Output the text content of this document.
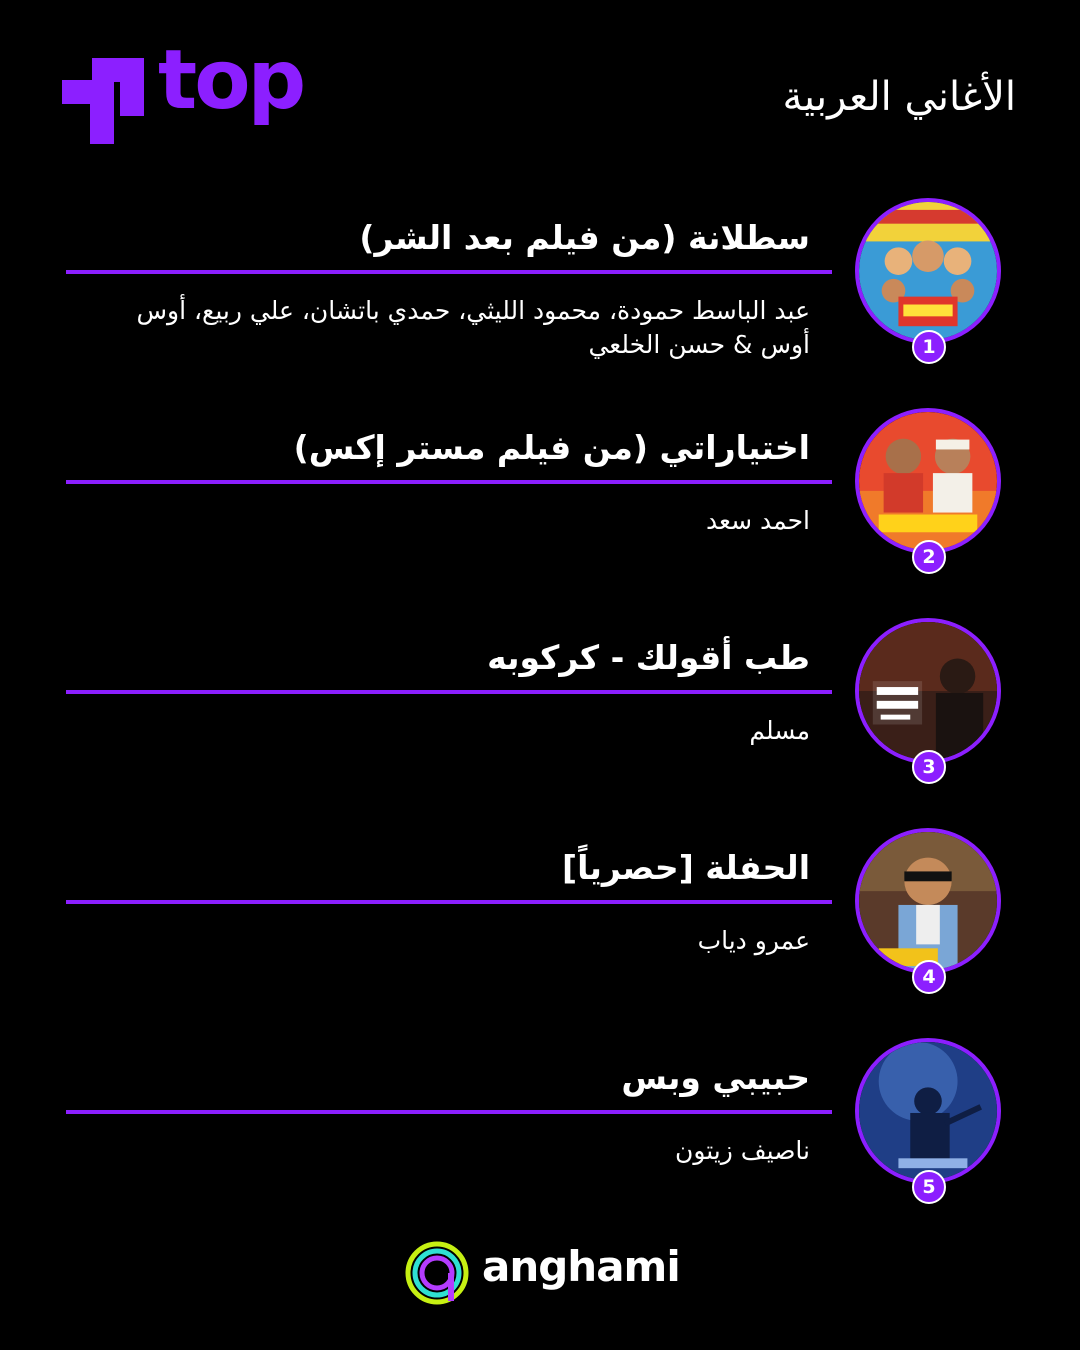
top	الأغاني العربية
1
سطلانة (من فيلم بعد الشر)
عبد الباسط حمودة، محمود الليثي، حمدي باتشان، علي ربيع، أوس أوس & حسن الخلعي
2
اختياراتي (من فيلم مستر إكس)
احمد سعد
3
طب أقولك - كركوبه
مسلم
4
الحفلة [حصرياً]
عمرو دياب
5
حبيبي وبس
ناصيف زيتون
anghami
